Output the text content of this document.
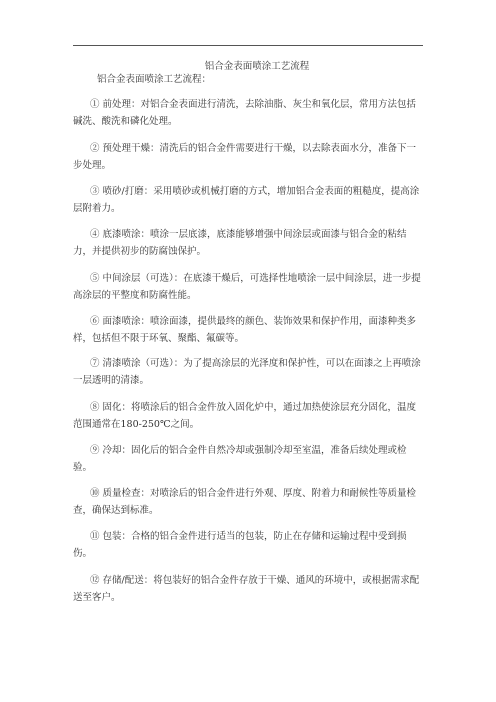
铝合金表面喷涂工艺流程

铝合金表面喷涂工艺流程：

① 前处理：对铝合金表面进行清洗，去除油脂、灰尘和氧化层，常用方法包括碱洗、酸洗和磷化处理。

② 预处理干燥：清洗后的铝合金件需要进行干燥，以去除表面水分，准备下一步处理。

③ 喷砂/打磨：采用喷砂或机械打磨的方式，增加铝合金表面的粗糙度，提高涂层附着力。

④ 底漆喷涂：喷涂一层底漆，底漆能够增强中间涂层或面漆与铝合金的粘结力，并提供初步的防腐蚀保护。

⑤ 中间涂层（可选）：在底漆干燥后，可选择性地喷涂一层中间涂层，进一步提高涂层的平整度和防腐性能。

⑥ 面漆喷涂：喷涂面漆，提供最终的颜色、装饰效果和保护作用，面漆种类多样，包括但不限于环氧、聚酯、氟碳等。

⑦ 清漆喷涂（可选）：为了提高涂层的光泽度和保护性，可以在面漆之上再喷涂一层透明的清漆。

⑧ 固化：将喷涂后的铝合金件放入固化炉中，通过加热使涂层充分固化，温度范围通常在180-250℃之间。

⑨ 冷却：固化后的铝合金件自然冷却或强制冷却至室温，准备后续处理或检验。

⑩ 质量检查：对喷涂后的铝合金件进行外观、厚度、附着力和耐候性等质量检查，确保达到标准。

⑪ 包装：合格的铝合金件进行适当的包装，防止在存储和运输过程中受到损伤。

⑫ 存储/配送：将包装好的铝合金件存放于干燥、通风的环境中，或根据需求配送至客户。
